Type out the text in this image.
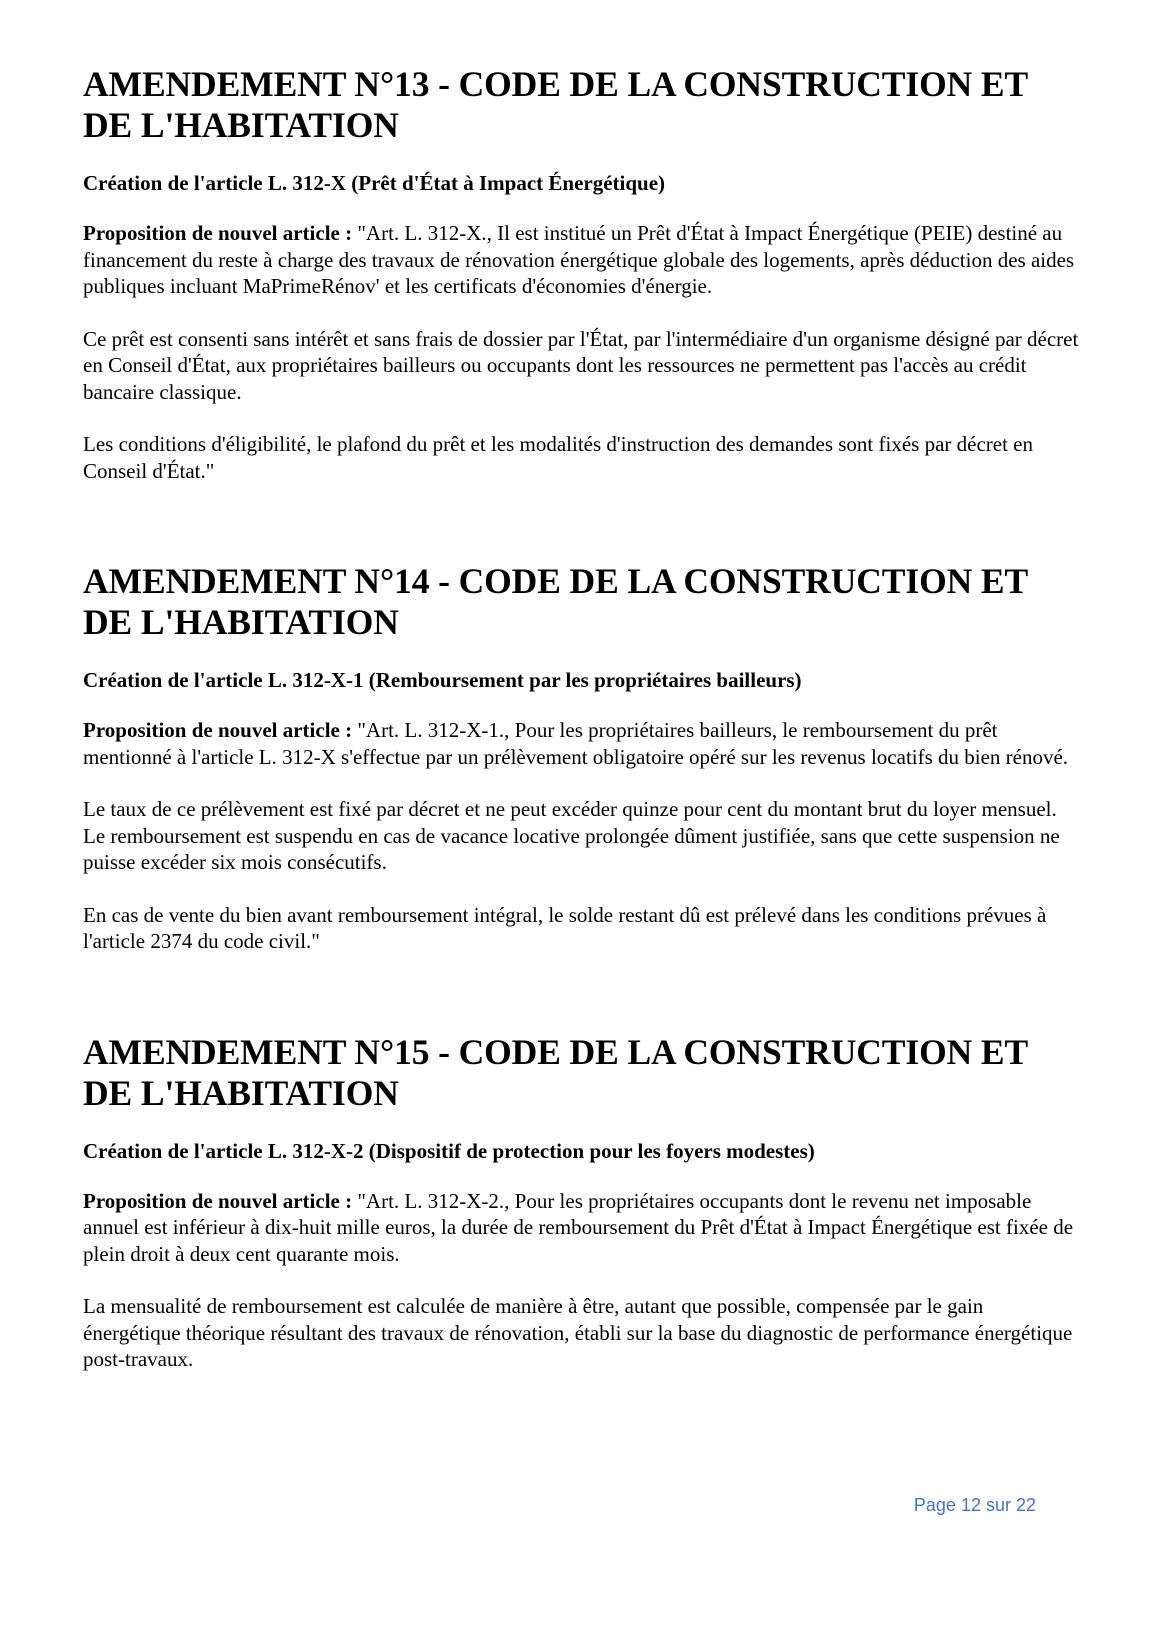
AMENDEMENT N°13 - CODE DE LA CONSTRUCTION ET DE L'HABITATION
Création de l'article L. 312-X (Prêt d'État à Impact Énergétique)

Proposition de nouvel article : "Art. L. 312-X., Il est institué un Prêt d'État à Impact Énergétique (PEIE) destiné au financement du reste à charge des travaux de rénovation énergétique globale des logements, après déduction des aides publiques incluant MaPrimeRénov' et les certificats d'économies d'énergie.

Ce prêt est consenti sans intérêt et sans frais de dossier par l'État, par l'intermédiaire d'un organisme désigné par décret en Conseil d'État, aux propriétaires bailleurs ou occupants dont les ressources ne permettent pas l'accès au crédit bancaire classique.

Les conditions d'éligibilité, le plafond du prêt et les modalités d'instruction des demandes sont fixés par décret en Conseil d'État."

AMENDEMENT N°14 - CODE DE LA CONSTRUCTION ET DE L'HABITATION
Création de l'article L. 312-X-1 (Remboursement par les propriétaires bailleurs)

Proposition de nouvel article : "Art. L. 312-X-1., Pour les propriétaires bailleurs, le remboursement du prêt mentionné à l'article L. 312-X s'effectue par un prélèvement obligatoire opéré sur les revenus locatifs du bien rénové.

Le taux de ce prélèvement est fixé par décret et ne peut excéder quinze pour cent du montant brut du loyer mensuel. Le remboursement est suspendu en cas de vacance locative prolongée dûment justifiée, sans que cette suspension ne puisse excéder six mois consécutifs.

En cas de vente du bien avant remboursement intégral, le solde restant dû est prélevé dans les conditions prévues à l'article 2374 du code civil."

AMENDEMENT N°15 - CODE DE LA CONSTRUCTION ET DE L'HABITATION
Création de l'article L. 312-X-2 (Dispositif de protection pour les foyers modestes)

Proposition de nouvel article : "Art. L. 312-X-2., Pour les propriétaires occupants dont le revenu net imposable annuel est inférieur à dix-huit mille euros, la durée de remboursement du Prêt d'État à Impact Énergétique est fixée de plein droit à deux cent quarante mois.

La mensualité de remboursement est calculée de manière à être, autant que possible, compensée par le gain énergétique théorique résultant des travaux de rénovation, établi sur la base du diagnostic de performance énergétique post-travaux.

Page 12 sur 22
